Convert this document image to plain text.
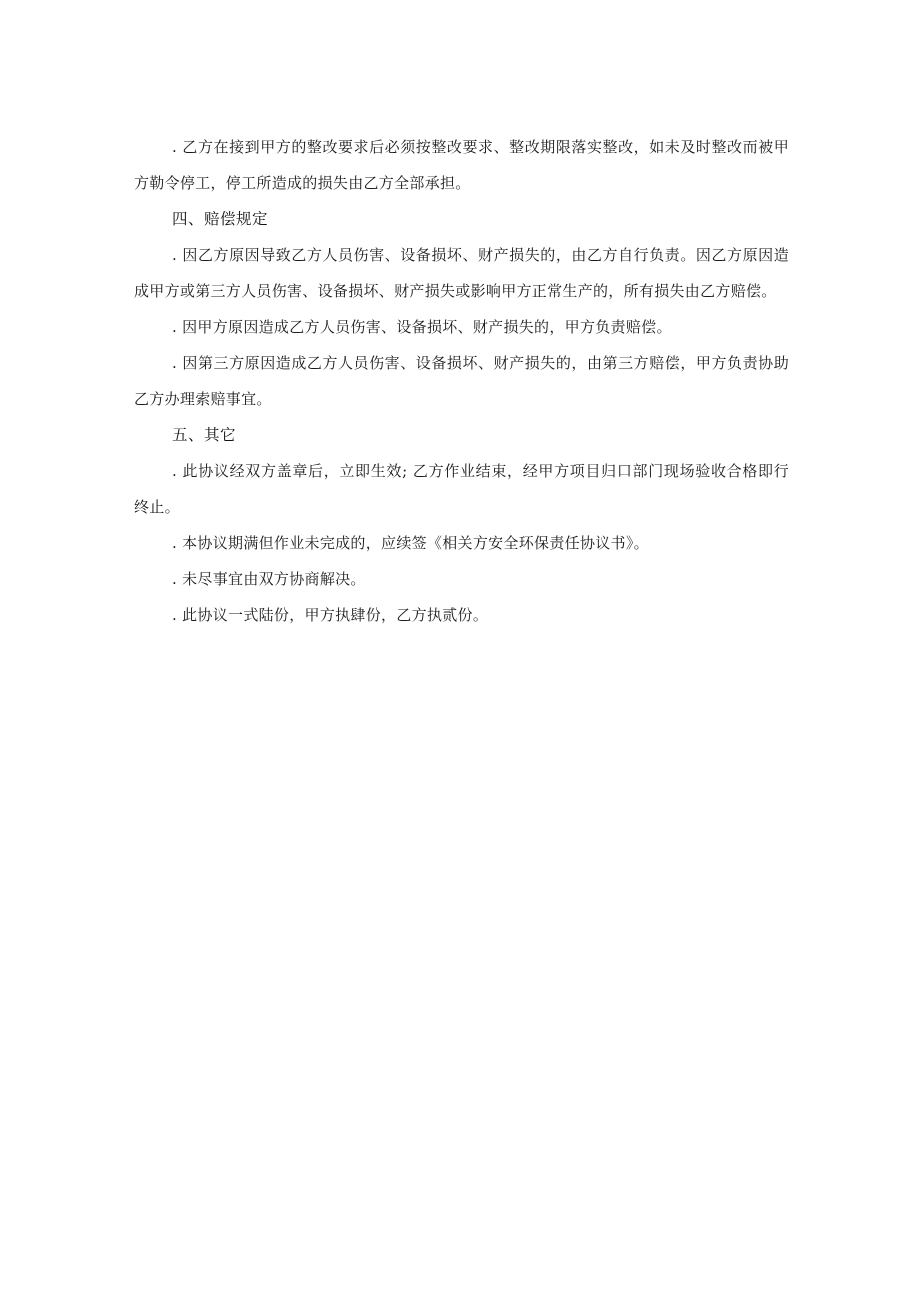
. 乙方在接到甲方的整改要求后必须按整改要求、整改期限落实整改，如未及时整改而被甲方勒令停工，停工所造成的损失由乙方全部承担。

四、赔偿规定

. 因乙方原因导致乙方人员伤害、设备损坏、财产损失的，由乙方自行负责。因乙方原因造成甲方或第三方人员伤害、设备损坏、财产损失或影响甲方正常生产的，所有损失由乙方赔偿。

. 因甲方原因造成乙方人员伤害、设备损坏、财产损失的，甲方负责赔偿。

. 因第三方原因造成乙方人员伤害、设备损坏、财产损失的，由第三方赔偿，甲方负责协助乙方办理索赔事宜。

五、其它

. 此协议经双方盖章后，立即生效; 乙方作业结束，经甲方项目归口部门现场验收合格即行终止。

. 本协议期满但作业未完成的，应续签《相关方安全环保责任协议书》。

. 未尽事宜由双方协商解决。

. 此协议一式陆份，甲方执肆份，乙方执贰份。
